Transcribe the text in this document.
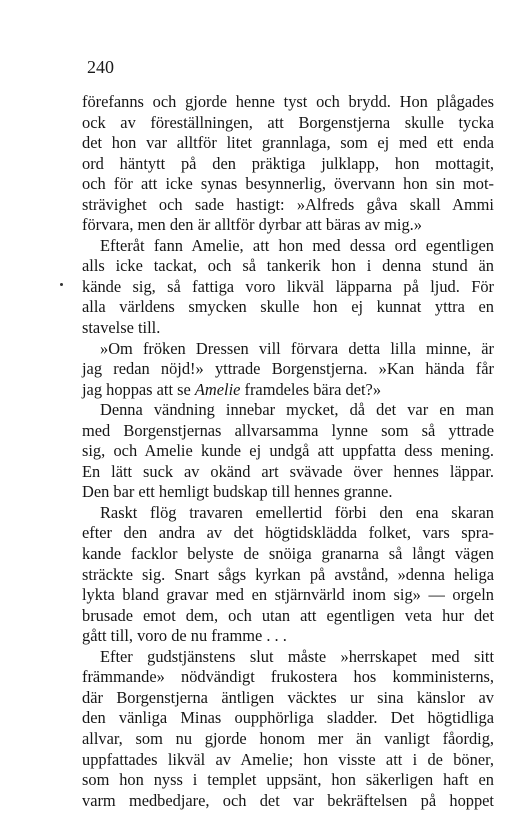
240
förefanns och gjorde henne tyst och brydd. Hon plågades
ock av föreställningen, att Borgenstjerna skulle tycka
det hon var alltför litet grannlaga, som ej med ett enda
ord häntytt på den präktiga julklapp, hon mottagit,
och för att icke synas besynnerlig, övervann hon sin mot-
strävighet och sade hastigt: »Alfreds gåva skall Ammi
förvara, men den är alltför dyrbar att bäras av mig.»
Efteråt fann Amelie, att hon med dessa ord egentligen
alls icke tackat, och så tankerik hon i denna stund än
kände sig, så fattiga voro likväl läpparna på ljud. För
alla världens smycken skulle hon ej kunnat yttra en
stavelse till.
»Om fröken Dressen vill förvara detta lilla minne, är
jag redan nöjd!» yttrade Borgenstjerna. »Kan hända får
jag hoppas att se Amelie framdeles bära det?»
Denna vändning innebar mycket, då det var en man
med Borgenstjernas allvarsamma lynne som så yttrade
sig, och Amelie kunde ej undgå att uppfatta dess mening.
En lätt suck av okänd art svävade över hennes läppar.
Den bar ett hemligt budskap till hennes granne.
Raskt flög travaren emellertid förbi den ena skaran
efter den andra av det högtidsklädda folket, vars spra-
kande facklor belyste de snöiga granarna så långt vägen
sträckte sig. Snart sågs kyrkan på avstånd, »denna heliga
lykta bland gravar med en stjärnvärld inom sig» — orgeln
brusade emot dem, och utan att egentligen veta hur det
gått till, voro de nu framme . . .
Efter gudstjänstens slut måste »herrskapet med sitt
främmande» nödvändigt frukostera hos komministerns,
där Borgenstjerna äntligen väcktes ur sina känslor av
den vänliga Minas oupphörliga sladder. Det högtidliga
allvar, som nu gjorde honom mer än vanligt fåordig,
uppfattades likväl av Amelie; hon visste att i de böner,
som hon nyss i templet uppsänt, hon säkerligen haft en
varm medbedjare, och det var bekräftelsen på hoppet
